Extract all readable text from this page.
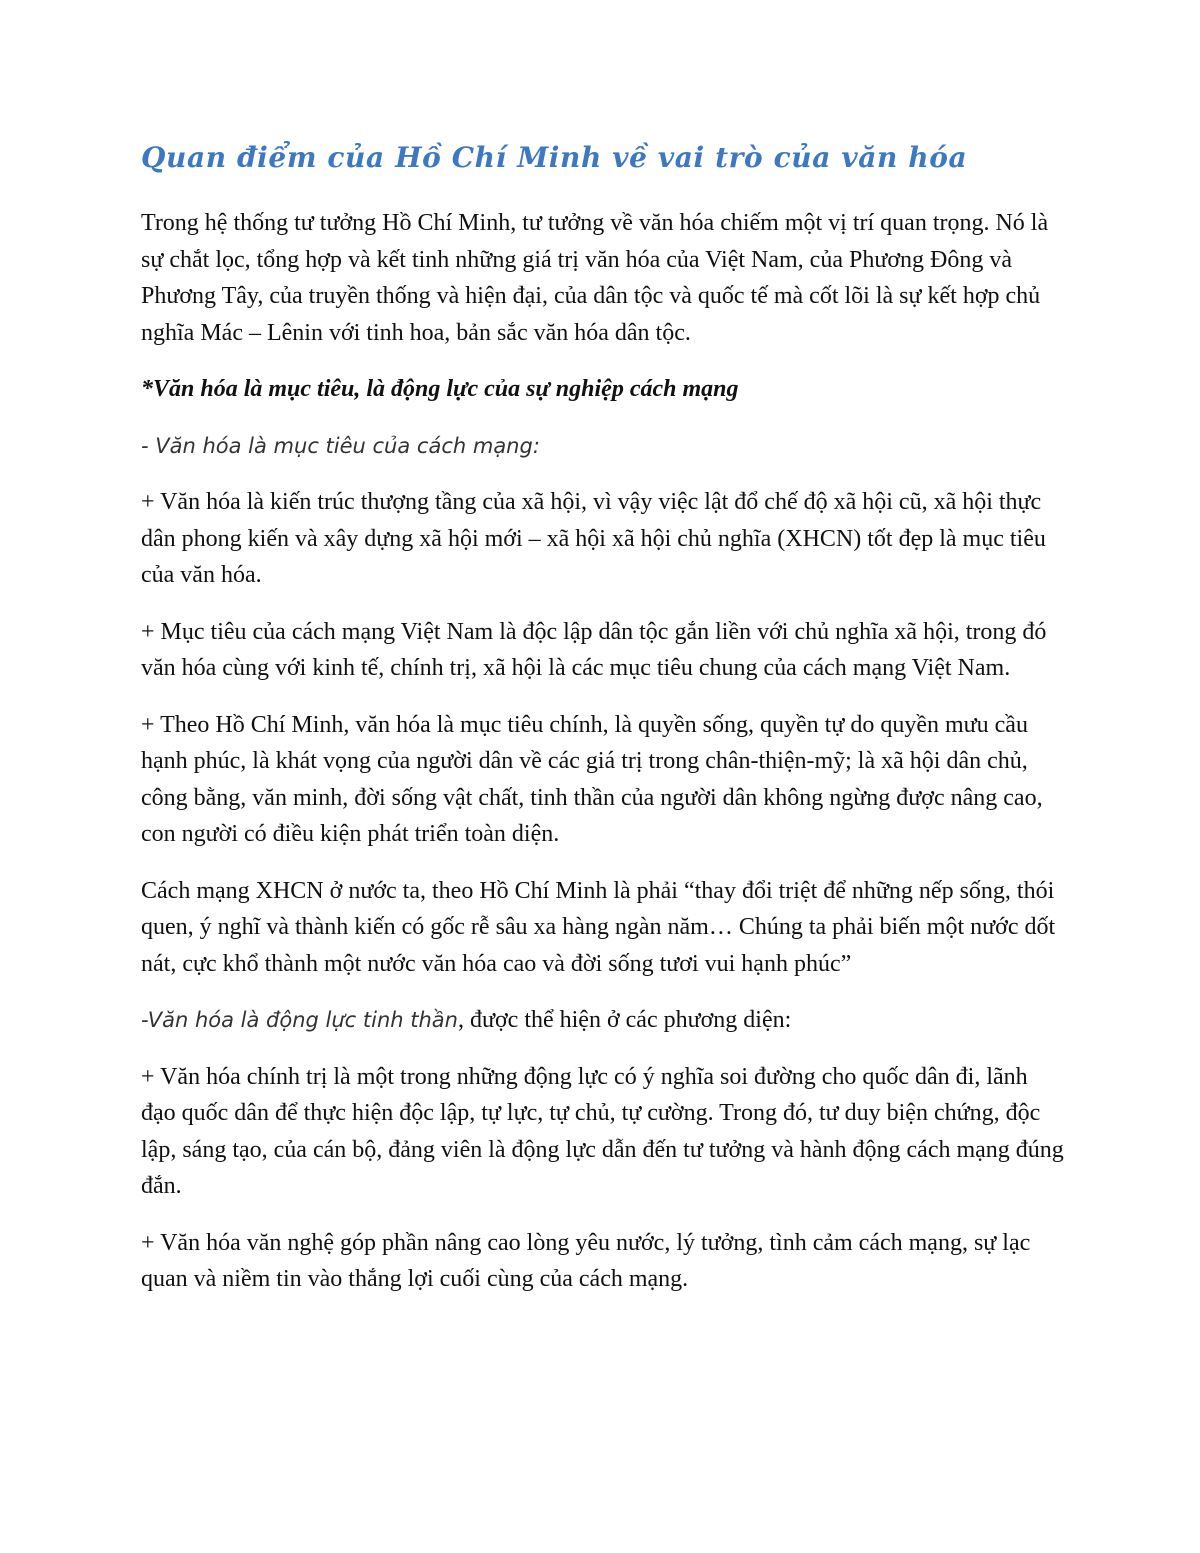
Quan điểm của Hồ Chí Minh về vai trò của văn hóa

Trong hệ thống tư tưởng Hồ Chí Minh, tư tưởng về văn hóa chiếm một vị trí quan trọng. Nó là sự chắt lọc, tổng hợp và kết tinh những giá trị văn hóa của Việt Nam, của Phương Đông và Phương Tây, của truyền thống và hiện đại, của dân tộc và quốc tế mà cốt lõi là sự kết hợp chủ nghĩa Mác – Lênin với tinh hoa, bản sắc văn hóa dân tộc.

*Văn hóa là mục tiêu, là động lực của sự nghiệp cách mạng

- Văn hóa là mục tiêu của cách mạng:

+ Văn hóa là kiến trúc thượng tầng của xã hội, vì vậy việc lật đổ chế độ xã hội cũ, xã hội thực dân phong kiến và xây dựng xã hội mới – xã hội xã hội chủ nghĩa (XHCN) tốt đẹp là mục tiêu của văn hóa.

+ Mục tiêu của cách mạng Việt Nam là độc lập dân tộc gắn liền với chủ nghĩa xã hội, trong đó văn hóa cùng với kinh tế, chính trị, xã hội là các mục tiêu chung của cách mạng Việt Nam.

+ Theo Hồ Chí Minh, văn hóa là mục tiêu chính, là quyền sống, quyền tự do quyền mưu cầu hạnh phúc, là khát vọng của người dân về các giá trị trong chân-thiện-mỹ; là xã hội dân chủ, công bằng, văn minh, đời sống vật chất, tinh thần của người dân không ngừng được nâng cao, con người có điều kiện phát triển toàn diện.

Cách mạng XHCN ở nước ta, theo Hồ Chí Minh là phải “thay đổi triệt để những nếp sống, thói quen, ý nghĩ và thành kiến có gốc rễ sâu xa hàng ngàn năm… Chúng ta phải biến một nước dốt nát, cực khổ thành một nước văn hóa cao và đời sống tươi vui hạnh phúc”

-Văn hóa là động lực tinh thần, được thể hiện ở các phương diện:

+ Văn hóa chính trị là một trong những động lực có ý nghĩa soi đường cho quốc dân đi, lãnh đạo quốc dân để thực hiện độc lập, tự lực, tự chủ, tự cường. Trong đó, tư duy biện chứng, độc lập, sáng tạo, của cán bộ, đảng viên là động lực dẫn đến tư tưởng và hành động cách mạng đúng đắn.

+ Văn hóa văn nghệ góp phần nâng cao lòng yêu nước, lý tưởng, tình cảm cách mạng, sự lạc quan và niềm tin vào thắng lợi cuối cùng của cách mạng.
